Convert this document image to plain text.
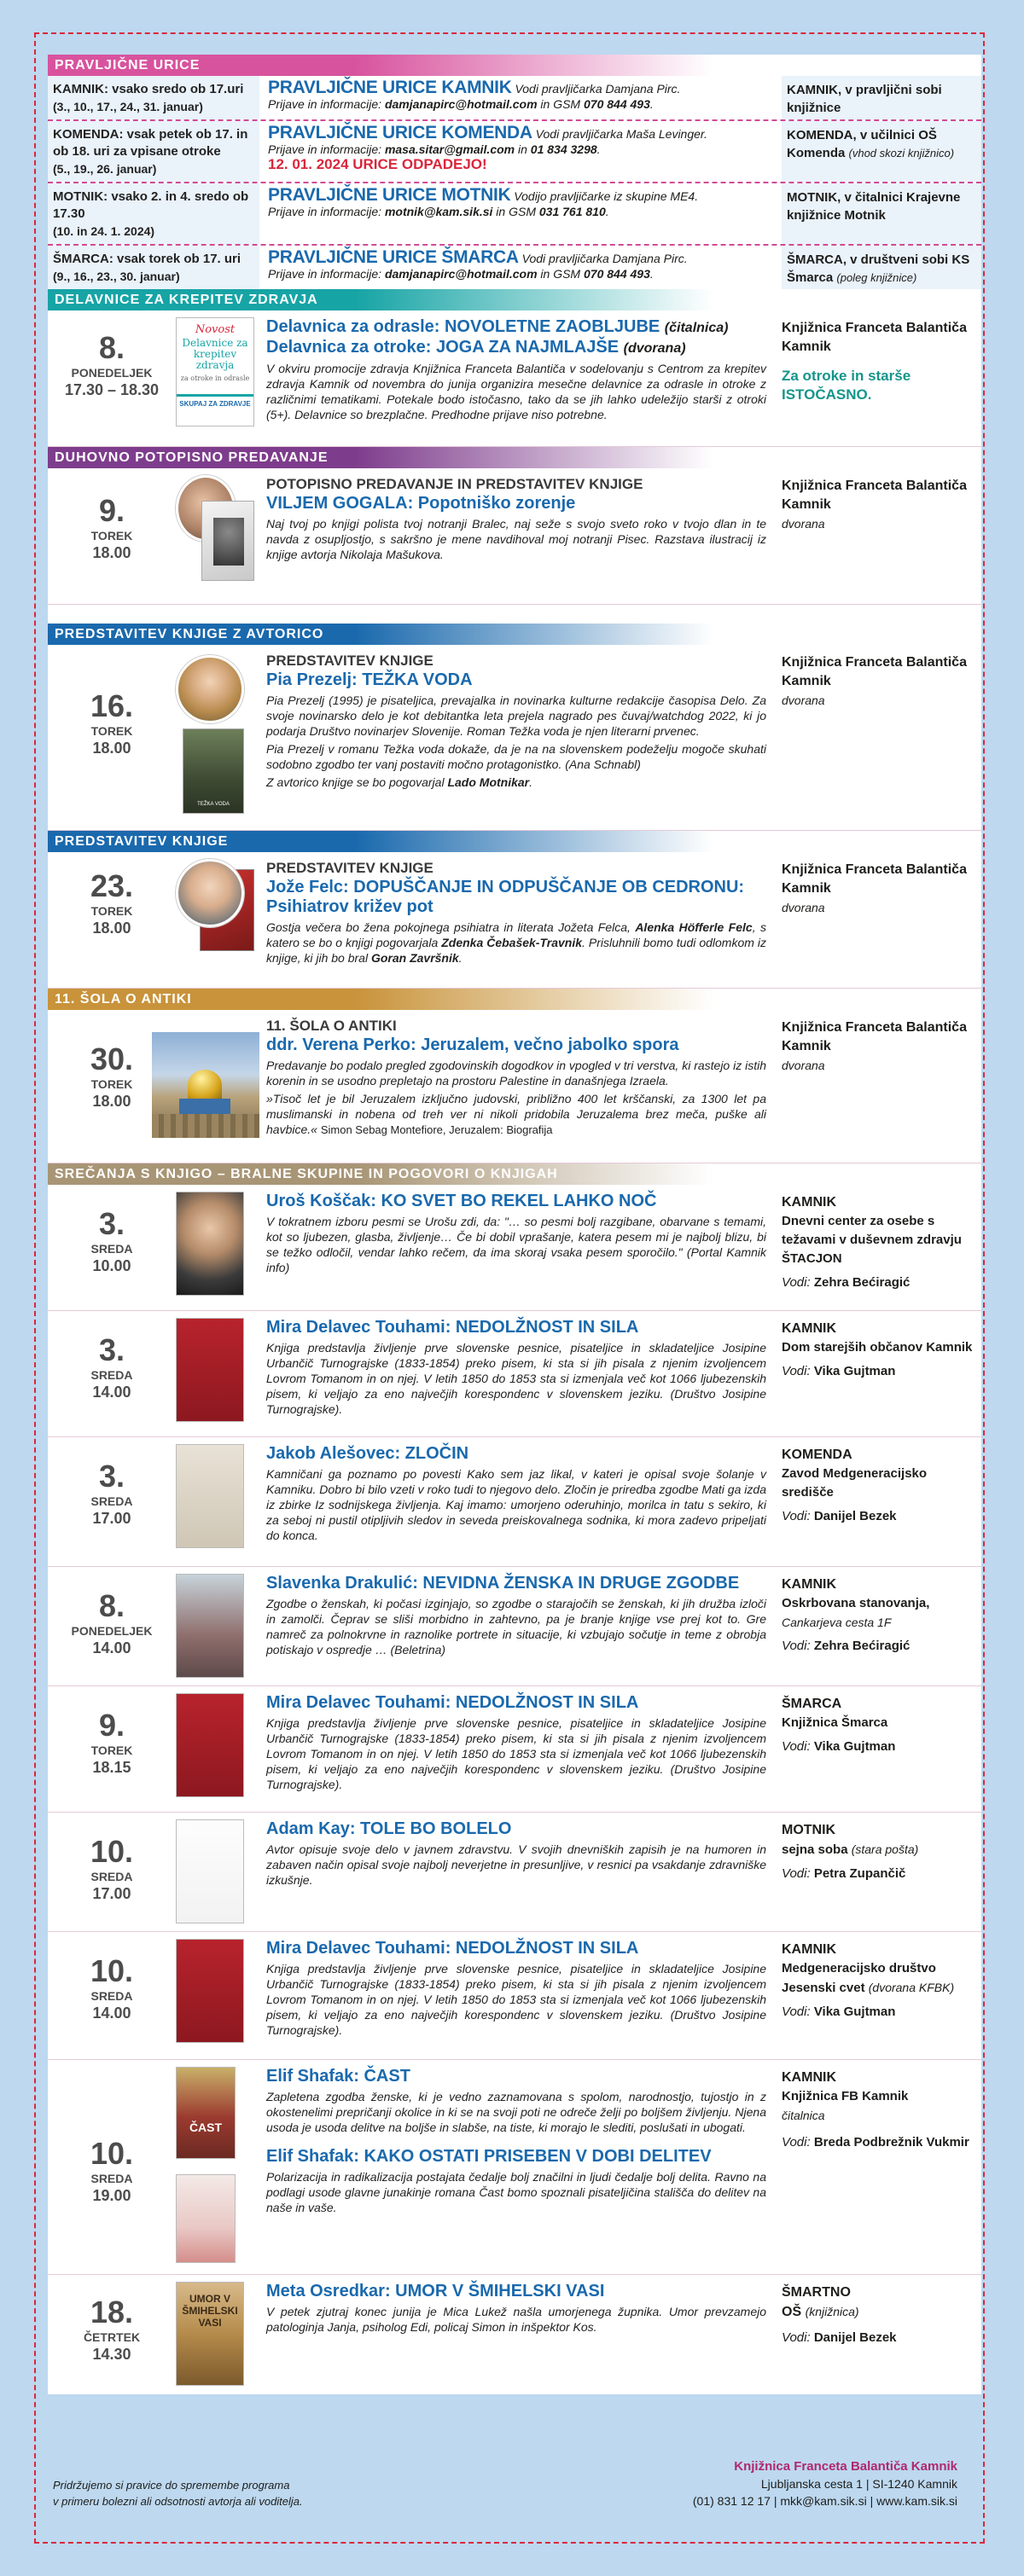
PRAVLJIČNE URICE
KAMNIK: vsako sredo ob 17.uri
(3., 10., 17., 24., 31. januar)
PRAVLJIČNE URICE KAMNIK Vodi pravljičarka Damjana Pirc.
Prijave in informacije: damjanapirc@hotmail.com in GSM 070 844 493.
KAMNIK, v pravljični sobi knjižnice
KOMENDA: vsak petek ob 17. in ob 18. uri za vpisane otroke
(5., 19., 26. januar)
PRAVLJIČNE URICE KOMENDA Vodi pravljičarka Maša Levinger.
Prijave in informacije: masa.sitar@gmail.com in 01 834 3298.
12. 01. 2024 URICE ODPADEJO!
KOMENDA, v učilnici OŠ Komenda (vhod skozi knjižnico)
MOTNIK: vsako 2. in 4. sredo ob 17.30
(10. in 24. 1. 2024)
PRAVLJIČNE URICE MOTNIK Vodijo pravljičarke iz skupine ME4.
Prijave in informacije: motnik@kam.sik.si in GSM 031 761 810.
MOTNIK, v čitalnici Krajevne knjižnice Motnik
ŠMARCA: vsak torek ob 17. uri
(9., 16., 23., 30. januar)
PRAVLJIČNE URICE ŠMARCA Vodi pravljičarka Damjana Pirc.
Prijave in informacije: damjanapirc@hotmail.com in GSM 070 844 493.
ŠMARCA, v društveni sobi KS Šmarca (poleg knjižnice)
DELAVNICE ZA KREPITEV ZDRAVJA
8.
PONEDELJEK
17.30 – 18.30
Novost
Delavnice za krepitev zdravja
za otroke in odrasle
SKUPAJ ZA ZDRAVJE
Delavnica za odrasle: NOVOLETNE ZAOBLJUBE (čitalnica)
Delavnica za otroke: JOGA ZA NAJMLAJŠE (dvorana)
V okviru promocije zdravja Knjižnica Franceta Balantiča v sodelovanju s Centrom za krepitev zdravja Kamnik od novembra do junija organizira mesečne delavnice za odrasle in otroke z različnimi tematikami. Potekale bodo istočasno, tako da se jih lahko udeležijo starši z otroki (5+). Delavnice so brezplačne. Predhodne prijave niso potrebne.
Knjižnica Franceta Balantiča Kamnik
Za otroke in starše ISTOČASNO.
DUHOVNO POTOPISNO PREDAVANJE
9.
TOREK
18.00
POTOPISNO PREDAVANJE IN PREDSTAVITEV KNJIGE
VILJEM GOGALA: Popotniško zorenje
Naj tvoj po knjigi polista tvoj notranji Bralec, naj seže s svojo sveto roko v tvojo dlan in te navda z osupljostjo, s sakršno je mene navdihoval moj notranji Pisec. Razstava ilustracij iz knjige avtorja Nikolaja Mašukova.
Knjižnica Franceta Balantiča Kamnik
dvorana
PREDSTAVITEV KNJIGE Z AVTORICO
16.
TOREK
18.00
TEŽKA VODA
PREDSTAVITEV KNJIGE
Pia Prezelj: TEŽKA VODA
Pia Prezelj (1995) je pisateljica, prevajalka in novinarka kulturne redakcije časopisa Delo. Za svoje novinarsko delo je kot debitantka leta prejela nagrado pes čuvaj/watchdog 2022, ki jo podarja Društvo novinarjev Slovenije. Roman Težka voda je njen literarni prvenec.
Pia Prezelj v romanu Težka voda dokaže, da je na na slovenskem podeželju mogoče skuhati sodobno zgodbo ter vanj postaviti močno protagonistko. (Ana Schnabl)
Z avtorico knjige se bo pogovarjal Lado Motnikar.
Knjižnica Franceta Balantiča Kamnik
dvorana
PREDSTAVITEV KNJIGE
23.
TOREK
18.00
PREDSTAVITEV KNJIGE
Jože Felc: DOPUŠČANJE IN ODPUŠČANJE OB CEDRONU: Psihiatrov križev pot
Gostja večera bo žena pokojnega psihiatra in literata Jožeta Felca, Alenka Höfferle Felc, s katero se bo o knjigi pogovarjala Zdenka Čebašek-Travnik. Prisluhnili bomo tudi odlomkom iz knjige, ki jih bo bral Goran Završnik.
Knjižnica Franceta Balantiča Kamnik
dvorana
11. ŠOLA O ANTIKI
30.
TOREK
18.00
11. ŠOLA O ANTIKI
ddr. Verena Perko: Jeruzalem, večno jabolko spora
Predavanje bo podalo pregled zgodovinskih dogodkov in vpogled v tri verstva, ki rastejo iz istih korenin in se usodno prepletajo na prostoru Palestine in današnjega Izraela.
»Tisoč let je bil Jeruzalem izključno judovski, približno 400 let krščanski, za 1300 let pa muslimanski in nobena od treh ver ni nikoli pridobila Jeruzalema brez meča, puške ali havbice.« Simon Sebag Montefiore, Jeruzalem: Biografija
Knjižnica Franceta Balantiča Kamnik
dvorana
SREČANJA S KNJIGO – BRALNE SKUPINE IN POGOVORI O KNJIGAH
3.
SREDA
10.00
Uroš Koščak: KO SVET BO REKEL LAHKO NOČ
V tokratnem izboru pesmi se Urošu zdi, da: "… so pesmi bolj razgibane, obarvane s temami, kot so ljubezen, glasba, življenje… Če bi dobil vprašanje, katera pesem mi je najbolj blizu, bi se težko odločil, vendar lahko rečem, da ima skoraj vsaka pesem sporočilo." (Portal Kamnik info)
KAMNIK
Dnevni center za osebe s težavami v duševnem zdravju ŠTACJON
Vodi: Zehra Bećiragić
3.
SREDA
14.00
Mira Delavec Touhami: NEDOLŽNOST IN SILA
Knjiga predstavlja življenje prve slovenske pesnice, pisateljice in skladateljice Josipine Urbančič Turnograjske (1833-1854) preko pisem, ki sta si jih pisala z njenim izvoljencem Lovrom Tomanom in on njej. V letih 1850 do 1853 sta si izmenjala več kot 1066 ljubezenskih pisem, ki veljajo za eno največjih korespondenc v slovenskem jeziku. (Društvo Josipine Turnograjske).
KAMNIK
Dom starejših občanov Kamnik
Vodi: Vika Gujtman
3.
SREDA
17.00
Jakob Alešovec: ZLOČIN
Kamničani ga poznamo po povesti Kako sem jaz likal, v kateri je opisal svoje šolanje v Kamniku. Dobro bi bilo vzeti v roko tudi to njegovo delo. Zločin je priredba zgodbe Mati ga izda iz zbirke Iz sodnijskega življenja. Kaj imamo: umorjeno oderuhinjo, morilca in tatu s sekiro, ki za seboj ni pustil otipljivih sledov in seveda preiskovalnega sodnika, ki mora zadevo pripeljati do konca.
KOMENDA
Zavod Medgeneracijsko središče
Vodi: Danijel Bezek
8.
PONEDELJEK
14.00
Slavenka Drakulić: NEVIDNA ŽENSKA IN DRUGE ZGODBE
Zgodbe o ženskah, ki počasi izginjajo, so zgodbe o starajočih se ženskah, ki jih družba izloči in zamolči. Čeprav se sliši morbidno in zahtevno, pa je branje knjige vse prej kot to. Gre namreč za polnokrvne in raznolike portrete in situacije, ki vzbujajo sočutje in teme z obrobja potiskajo v ospredje … (Beletrina)
KAMNIK
Oskrbovana stanovanja,
Cankarjeva cesta 1F
Vodi: Zehra Bećiragić
9.
TOREK
18.15
Mira Delavec Touhami: NEDOLŽNOST IN SILA
Knjiga predstavlja življenje prve slovenske pesnice, pisateljice in skladateljice Josipine Urbančič Turnograjske (1833-1854) preko pisem, ki sta si jih pisala z njenim izvoljencem Lovrom Tomanom in on njej. V letih 1850 do 1853 sta si izmenjala več kot 1066 ljubezenskih pisem, ki veljajo za eno največjih korespondenc v slovenskem jeziku. (Društvo Josipine Turnograjske).
ŠMARCA
Knjižnica Šmarca
Vodi: Vika Gujtman
10.
SREDA
17.00
Adam Kay: TOLE BO BOLELO
Avtor opisuje svoje delo v javnem zdravstvu. V svojih dnevniških zapisih je na humoren in zabaven način opisal svoje najbolj neverjetne in presunljive, v resnici pa vsakdanje zdravniške izkušnje.
MOTNIK
sejna soba (stara pošta)
Vodi: Petra Zupančič
10.
SREDA
14.00
Mira Delavec Touhami: NEDOLŽNOST IN SILA
Knjiga predstavlja življenje prve slovenske pesnice, pisateljice in skladateljice Josipine Urbančič Turnograjske (1833-1854) preko pisem, ki sta si jih pisala z njenim izvoljencem Lovrom Tomanom in on njej. V letih 1850 do 1853 sta si izmenjala več kot 1066 ljubezenskih pisem, ki veljajo za eno največjih korespondenc v slovenskem jeziku. (Društvo Josipine Turnograjske).
KAMNIK
Medgeneracijsko društvo Jesenski cvet (dvorana KFBK)
Vodi: Vika Gujtman
10.
SREDA
19.00
ČAST
Elif Shafak: ČAST
Zapletena zgodba ženske, ki je vedno zaznamovana s spolom, narodnostjo, tujostjo in z okostenelimi prepričanji okolice in ki se na svoji poti ne odreče želji po boljšem življenju. Njena usoda je usoda delitve na boljše in slabše, na tiste, ki morajo le slediti, poslušati in ubogati.
Elif Shafak: KAKO OSTATI PRISEBEN V DOBI DELITEV
Polarizacija in radikalizacija postajata čedalje bolj značilni in ljudi čedalje bolj delita. Ravno na podlagi usode glavne junakinje romana Čast bomo spoznali pisateljičina stališča do delitev na naše in vaše.
KAMNIK
Knjižnica FB Kamnik
čitalnica
Vodi: Breda Podbrežnik Vukmir
18.
ČETRTEK
14.30
UMOR V ŠMIHELSKI VASI
Meta Osredkar: UMOR V ŠMIHELSKI VASI
V petek zjutraj konec junija je Mica Lukež našla umorjenega župnika. Umor prevzamejo patologinja Janja, psiholog Edi, policaj Simon in inšpektor Kos.
ŠMARTNO
OŠ (knjižnica)
Vodi: Danijel Bezek
Pridržujemo si pravice do spremembe programa
v primeru bolezni ali odsotnosti avtorja ali voditelja.
Knjižnica Franceta Balantiča Kamnik
Ljubljanska cesta 1 | SI-1240 Kamnik
(01) 831 12 17 | mkk@kam.sik.si | www.kam.sik.si
